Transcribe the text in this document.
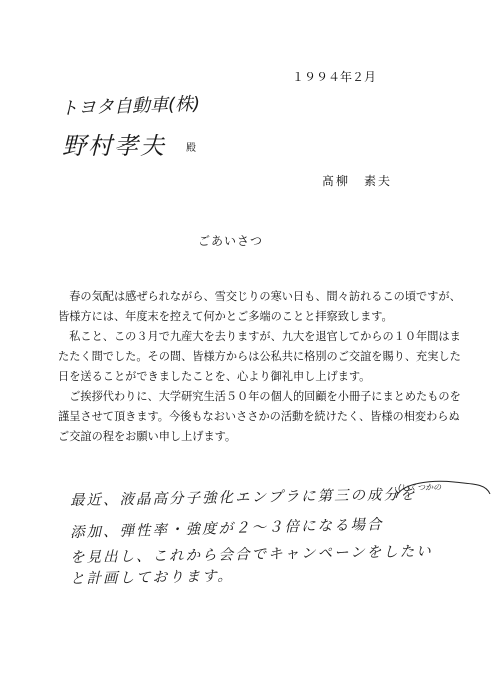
１９９４年２月
トヨタ自動車(株)
野村孝夫 殿
髙柳　素夫
ごあいさつ
　春の気配は感ぜられながら、雪交じりの寒い日も、間々訪れるこの頃ですが、
皆様方には、年度末を控えて何かとご多端のことと拝察致します。
　私こと、この３月で九産大を去りますが、九大を退官してからの１０年間はま
たたく間でした。その間、皆様方からは公私共に格別のご交誼を賜り、充実した
日を送ることができましたことを、心より御礼申し上げます。
　ご挨拶代わりに、大学研究生活５０年の個人的回顧を小冊子にまとめたものを
謹呈させて頂きます。今後もなおいささかの活動を続けたく、皆様の相変わらぬ
ご交誼の程をお願い申し上げます。
(いくつかの
最近、液晶高分子強化エンプラに第三の成分を
添加、弾性率・強度が２〜３倍になる場合
を見出し、これから会合でキャンペーンをしたい
と計画しております。
